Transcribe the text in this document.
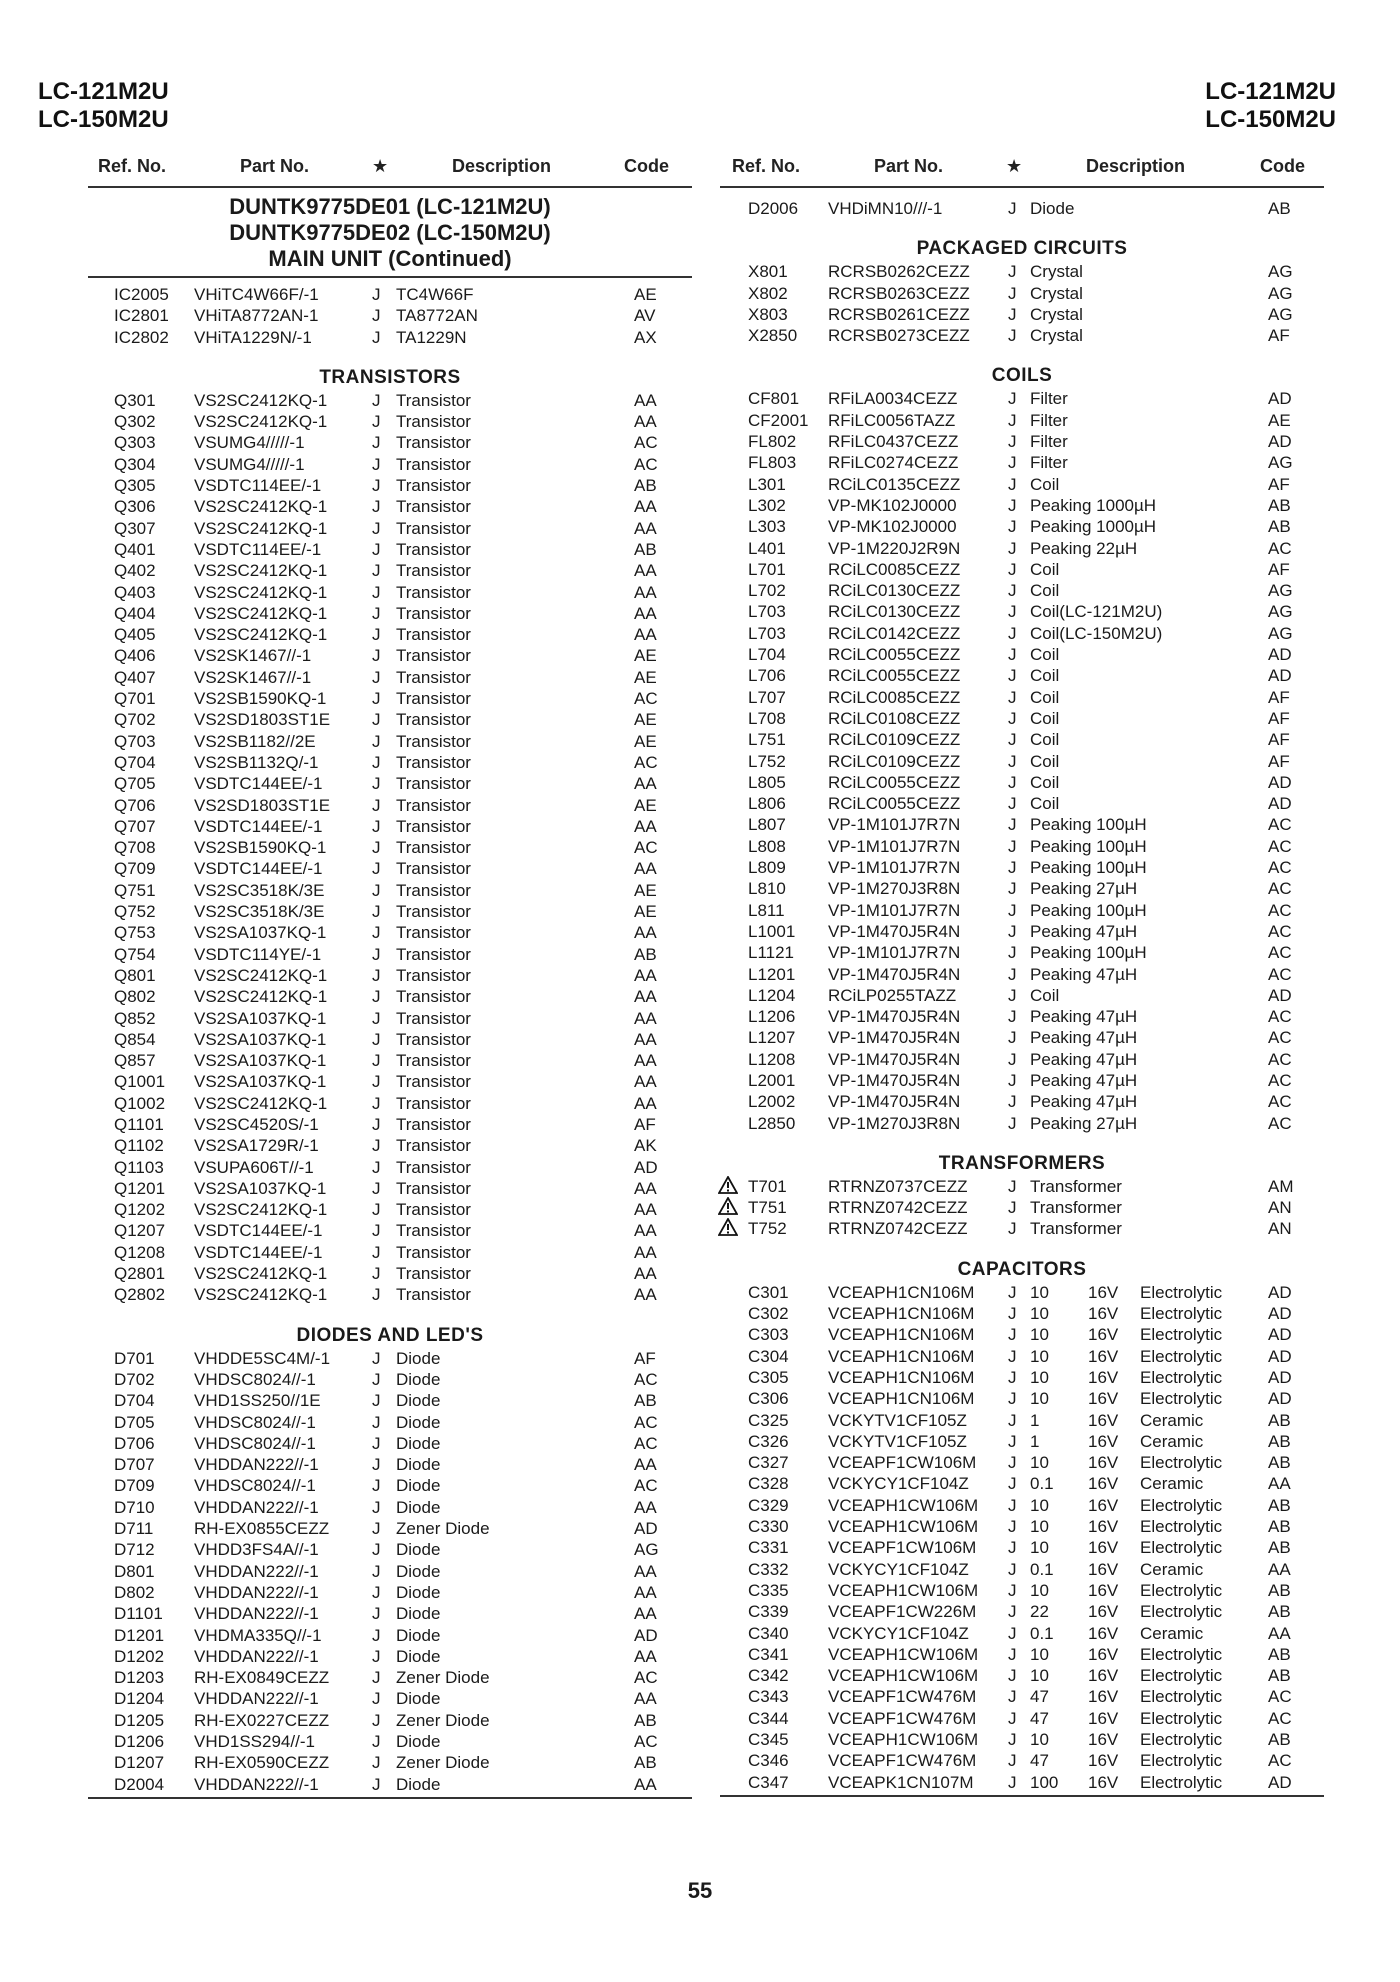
LC-121M2U
LC-150M2U
LC-121M2U
LC-150M2U
Ref. No.	Part No.	★	Description	Code
DUNTK9775DE01 (LC-121M2U)
DUNTK9775DE02 (LC-150M2U)
MAIN UNIT (Continued)
IC2005 VHiTC4W66F/-1	J TC4W66F	AE
IC2801 VHiTA8772AN-1	J TA8772AN	AV
IC2802 VHiTA1229N/-1	J TA1229N	AX
TRANSISTORS
Q301 VS2SC2412KQ-1	J Transistor	AA
Q302 VS2SC2412KQ-1	J Transistor	AA
Q303 VSUMG4/////-1	J Transistor	AC
Q304 VSUMG4/////-1	J Transistor	AC
Q305 VSDTC114EE/-1	J Transistor	AB
Q306 VS2SC2412KQ-1	J Transistor	AA
Q307 VS2SC2412KQ-1	J Transistor	AA
Q401 VSDTC114EE/-1	J Transistor	AB
Q402 VS2SC2412KQ-1	J Transistor	AA
Q403 VS2SC2412KQ-1	J Transistor	AA
Q404 VS2SC2412KQ-1	J Transistor	AA
Q405 VS2SC2412KQ-1	J Transistor	AA
Q406 VS2SK1467//-1	J Transistor	AE
Q407 VS2SK1467//-1	J Transistor	AE
Q701 VS2SB1590KQ-1	J Transistor	AC
Q702 VS2SD1803ST1E J Transistor	AE
Q703 VS2SB1182//2E	J Transistor	AE
Q704 VS2SB1132Q/-1	J Transistor	AC
Q705 VSDTC144EE/-1	J Transistor	AA
Q706 VS2SD1803ST1E J Transistor	AE
Q707 VSDTC144EE/-1	J Transistor	AA
Q708 VS2SB1590KQ-1	J Transistor	AC
Q709 VSDTC144EE/-1	J Transistor	AA
Q751 VS2SC3518K/3E	J Transistor	AE
Q752 VS2SC3518K/3E	J Transistor	AE
Q753 VS2SA1037KQ-1	J Transistor	AA
Q754 VSDTC114YE/-1	J Transistor	AB
Q801 VS2SC2412KQ-1	J Transistor	AA
Q802 VS2SC2412KQ-1	J Transistor	AA
Q852 VS2SA1037KQ-1	J Transistor	AA
Q854 VS2SA1037KQ-1	J Transistor	AA
Q857 VS2SA1037KQ-1	J Transistor	AA
Q1001 VS2SA1037KQ-1	J Transistor	AA
Q1002 VS2SC2412KQ-1	J Transistor	AA
Q1101 VS2SC4520S/-1	J Transistor	AF
Q1102 VS2SA1729R/-1	J Transistor	AK
Q1103 VSUPA606T//-1	J Transistor	AD
Q1201 VS2SA1037KQ-1	J Transistor	AA
Q1202 VS2SC2412KQ-1	J Transistor	AA
Q1207 VSDTC144EE/-1	J Transistor	AA
Q1208 VSDTC144EE/-1	J Transistor	AA
Q2801 VS2SC2412KQ-1	J Transistor	AA
Q2802 VS2SC2412KQ-1	J Transistor	AA
DIODES AND LED'S
D701 VHDDE5SC4M/-1 J Diode	AF
D702 VHDSC8024//-1	J Diode	AC
D704 VHD1SS250//1E	J Diode	AB
D705 VHDSC8024//-1	J Diode	AC
D706 VHDSC8024//-1	J Diode	AC
D707 VHDDAN222//-1	J Diode	AA
D709 VHDSC8024//-1	J Diode	AC
D710 VHDDAN222//-1	J Diode	AA
D711 RH-EX0855CEZZ	J Zener Diode	AD
D712 VHDD3FS4A//-1	J Diode	AG
D801 VHDDAN222//-1	J Diode	AA
D802 VHDDAN222//-1	J Diode	AA
D1101 VHDDAN222//-1	J Diode	AA
D1201 VHDMA335Q//-1	J Diode	AD
D1202 VHDDAN222//-1	J Diode	AA
D1203 RH-EX0849CEZZ	J Zener Diode	AC
D1204 VHDDAN222//-1	J Diode	AA
D1205 RH-EX0227CEZZ	J Zener Diode	AB
D1206 VHD1SS294//-1	J Diode	AC
D1207 RH-EX0590CEZZ	J Zener Diode	AB
D2004 VHDDAN222//-1	J Diode	AA
Ref. No.	Part No.	★	Description	Code
D2006 VHDiMN10///-1	J Diode	AB
PACKAGED CIRCUITS
X801 RCRSB0262CEZZ J Crystal	AG
X802 RCRSB0263CEZZ J Crystal	AG
X803 RCRSB0261CEZZ J Crystal	AG
X2850 RCRSB0273CEZZ J Crystal	AF
COILS
CF801 RFiLA0034CEZZ	J Filter	AD
CF2001 RFiLC0056TAZZ	J Filter	AE
FL802 RFiLC0437CEZZ	J Filter	AD
FL803 RFiLC0274CEZZ	J Filter	AG
L301 RCiLC0135CEZZ	J Coil	AF
L302 VP-MK102J0000	J Peaking 1000µH	AB
L303 VP-MK102J0000	J Peaking 1000µH	AB
L401 VP-1M220J2R9N	J Peaking 22µH	AC
L701 RCiLC0085CEZZ	J Coil	AF
L702 RCiLC0130CEZZ	J Coil	AG
L703 RCiLC0130CEZZ	J Coil(LC-121M2U)	AG
L703 RCiLC0142CEZZ	J Coil(LC-150M2U)	AG
L704 RCiLC0055CEZZ	J Coil	AD
L706 RCiLC0055CEZZ	J Coil	AD
L707 RCiLC0085CEZZ	J Coil	AF
L708 RCiLC0108CEZZ	J Coil	AF
L751 RCiLC0109CEZZ	J Coil	AF
L752 RCiLC0109CEZZ	J Coil	AF
L805 RCiLC0055CEZZ	J Coil	AD
L806 RCiLC0055CEZZ	J Coil	AD
L807 VP-1M101J7R7N	J Peaking 100µH	AC
L808 VP-1M101J7R7N	J Peaking 100µH	AC
L809 VP-1M101J7R7N	J Peaking 100µH	AC
L810 VP-1M270J3R8N	J Peaking 27µH	AC
L811	VP-1M101J7R7N	J Peaking 100µH	AC
L1001 VP-1M470J5R4N	J Peaking 47µH	AC
L1121 VP-1M101J7R7N	J Peaking 100µH	AC
L1201 VP-1M470J5R4N	J Peaking 47µH	AC
L1204 RCiLP0255TAZZ	J Coil	AD
L1206 VP-1M470J5R4N	J Peaking 47µH	AC
L1207 VP-1M470J5R4N	J Peaking 47µH	AC
L1208 VP-1M470J5R4N	J Peaking 47µH	AC
L2001 VP-1M470J5R4N	J Peaking 47µH	AC
L2002 VP-1M470J5R4N	J Peaking 47µH	AC
L2850 VP-1M270J3R8N	J Peaking 27µH	AC
TRANSFORMERS
T701 RTRNZ0737CEZZ J Transformer	AM
T751 RTRNZ0742CEZZ J Transformer	AN
T752 RTRNZ0742CEZZ J Transformer	AN
CAPACITORS
C301 VCEAPH1CN106M J 10 16V Electrolytic	AD
C302 VCEAPH1CN106M J 10 16V Electrolytic	AD
C303 VCEAPH1CN106M J 10 16V Electrolytic	AD
C304 VCEAPH1CN106M J 10 16V Electrolytic	AD
C305 VCEAPH1CN106M J 10 16V Electrolytic	AD
C306 VCEAPH1CN106M J 10 16V Electrolytic	AD
C325 VCKYTV1CF105Z J 1	16V Ceramic	AB
C326 VCKYTV1CF105Z J 1	16V Ceramic	AB
C327 VCEAPF1CW106M J 10 16V Electrolytic	AB
C328 VCKYCY1CF104Z J 0.1 16V Ceramic	AA
C329 VCEAPH1CW106M J 10 16V Electrolytic	AB
C330 VCEAPH1CW106M J 10 16V Electrolytic	AB
C331 VCEAPF1CW106M J 10 16V Electrolytic	AB
C332 VCKYCY1CF104Z J 0.1 16V Ceramic	AA
C335 VCEAPH1CW106M J 10 16V Electrolytic	AB
C339 VCEAPF1CW226M J 22 16V Electrolytic	AB
C340 VCKYCY1CF104Z J 0.1 16V Ceramic	AA
C341 VCEAPH1CW106M J 10 16V Electrolytic	AB
C342 VCEAPH1CW106M J 10 16V Electrolytic	AB
C343 VCEAPF1CW476M J 47 16V Electrolytic	AC
C344 VCEAPF1CW476M J 47 16V Electrolytic	AC
C345 VCEAPH1CW106M J 10 16V Electrolytic	AB
C346 VCEAPF1CW476M J 47 16V Electrolytic	AC
C347 VCEAPK1CN107M J 100 16V Electrolytic	AD
55
